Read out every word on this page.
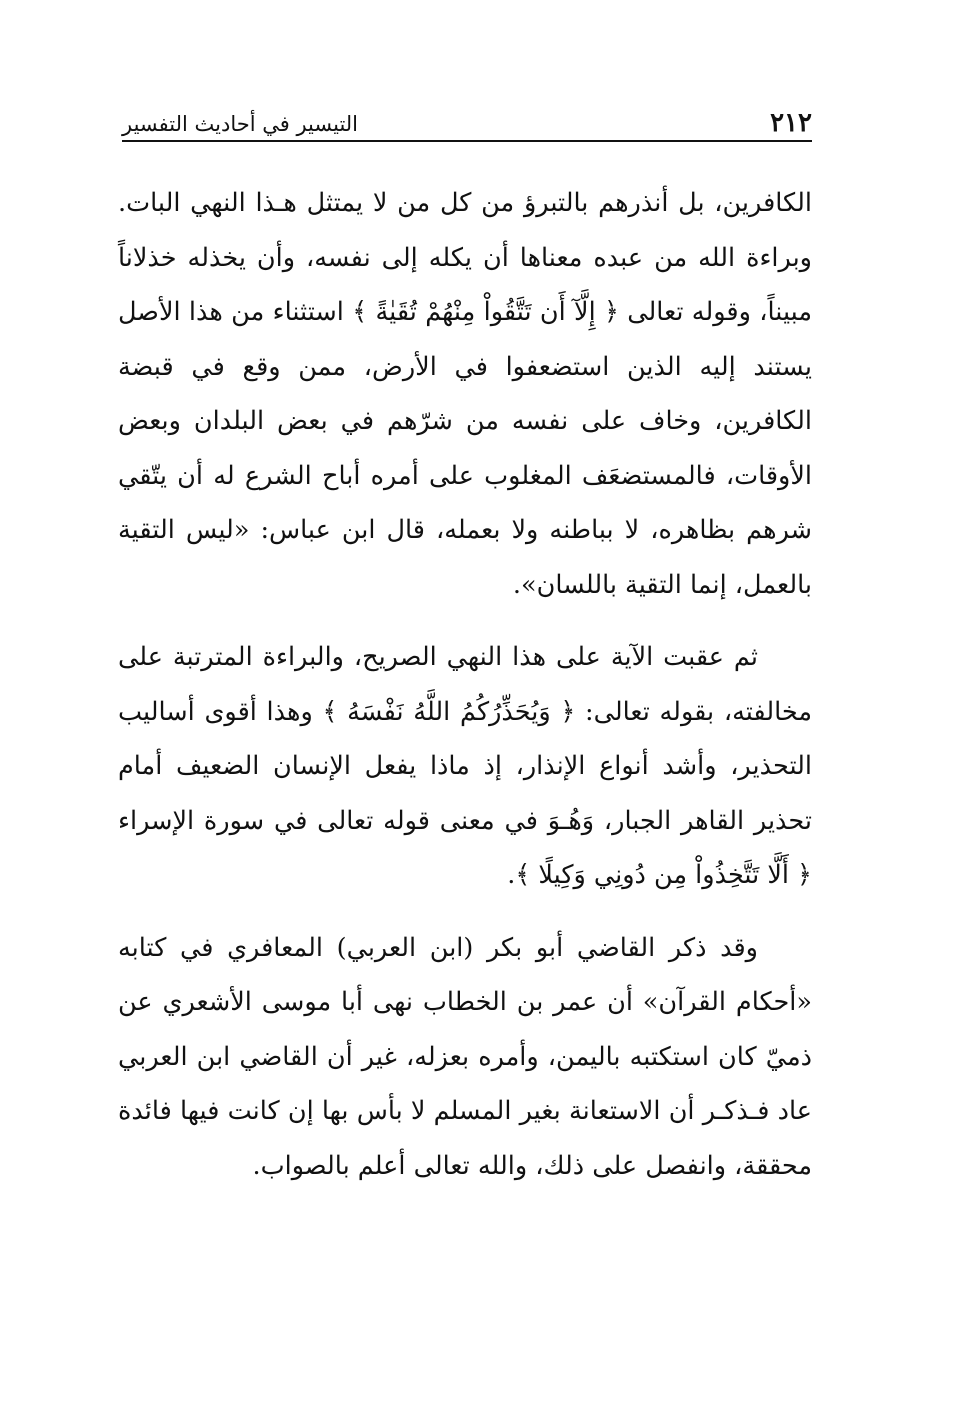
٢١٢
التيسير في أحاديث التفسير

الكافرين، بل أنذرهم بالتبرؤ من كل من لا يمتثل هـذا النهي البات. وبراءة الله من عبده معناها أن يكله إلى نفسه، وأن يخذله خذلاناً مبيناً، وقوله تعالى ﴿ إِلَّآ أَن تَتَّقُواْ مِنْهُمْ تُقَيٰةً ﴾ استثناء من هذا الأصل يستند إليه الذين استضعفوا في الأرض، ممن وقع في قبضة الكافرين، وخاف على نفسه من شرّهم في بعض البلدان وبعض الأوقات، فالمستضعَف المغلوب على أمره أباح الشرع له أن يتّقي شرهم بظاهره، لا بباطنه ولا بعمله، قال ابن عباس: «ليس التقية بالعمل، إنما التقية باللسان».

ثم عقبت الآية على هذا النهي الصريح، والبراءة المترتبة على مخالفته، بقوله تعالى: ﴿ وَيُحَذِّرُكُمُ اللَّهُ نَفْسَهُ ﴾ وهذا أقوى أساليب التحذير، وأشد أنواع الإنذار، إذ ماذا يفعل الإنسان الضعيف أمام تحذير القاهر الجبار، وَهُـوَ في معنى قوله تعالى في سورة الإسراء ﴿ أَلَّا تَتَّخِذُواْ مِن دُونِي وَكِيلًا ﴾.

وقد ذكر القاضي أبو بكر (ابن العربي) المعافري في كتابه «أحكام القرآن» أن عمر بن الخطاب نهى أبا موسى الأشعري عن ذميّ كان استكتبه باليمن، وأمره بعزله، غير أن القاضي ابن العربي عاد فـذكـر أن الاستعانة بغير المسلم لا بأس بها إن كانت فيها فائدة محققة، وانفصل على ذلك، والله تعالى أعلم بالصواب.
